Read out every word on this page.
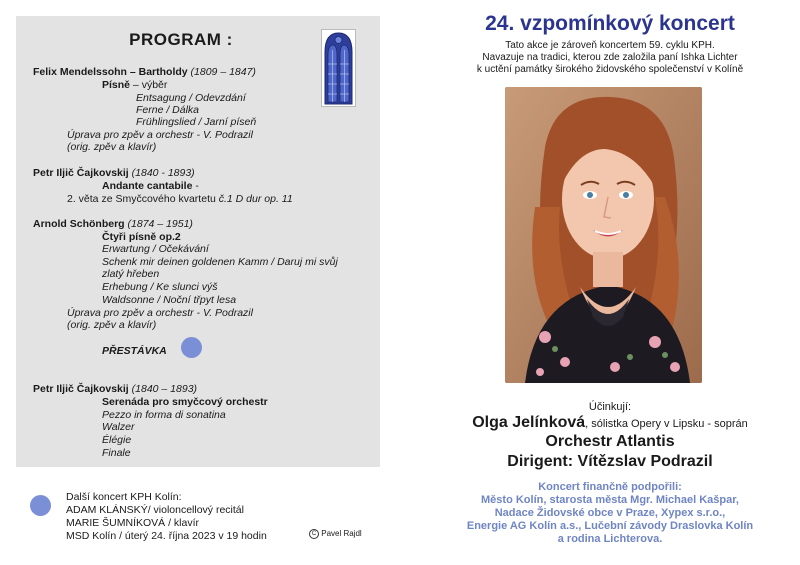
PROGRAM :
Felix Mendelssohn – Bartholdy (1809 – 1847)
Písně – výběr
Entsagung / Odevzdání
Ferne / Dálka
Frühlingslied / Jarní píseň
Úprava pro zpěv a orchestr - V. Podrazil
(orig. zpěv a klavír)
Petr Iljič Čajkovskij (1840 - 1893)
Andante cantabile -
2. věta ze Smyčcového kvartetu č.1 D dur op. 11
Arnold Schönberg (1874 – 1951)
Čtyři písně op.2
Erwartung / Očekávání
Schenk mir deinen goldenen Kamm / Daruj mi svůj
zlatý hřeben
Erhebung / Ke slunci výš
Waldsonne / Noční třpyt lesa
Úprava pro zpěv a orchestr - V. Podrazil
(orig. zpěv a klavír)
PŘESTÁVKA
Petr Iljič Čajkovskij (1840 – 1893)
Serenáda pro smyčcový orchestr
Pezzo in forma di sonatina
Walzer
Élégie
Finale
Další koncert KPH Kolín:
ADAM KLÁNSKÝ/ violoncellový recitál
MARIE ŠUMNÍKOVÁ / klavír
MSD Kolín / úterý 24. října 2023 v 19 hodin	C Pavel Rajdl
24. vzpomínkový koncert
Tato akce je zároveň koncertem 59. cyklu KPH.
Navazuje na tradici, kterou zde založila paní Ishka Lichter
k uctění památky širokého židovského společenství v Kolíně
Účinkují:
Olga Jelínková, sólistka Opery v Lipsku - soprán
Orchestr Atlantis
Dirigent: Vítězslav Podrazil
Koncert finančně podpořili:
Město Kolín, starosta města Mgr. Michael Kašpar,
Nadace Židovské obce v Praze, Xypex s.r.o.,
Energie AG Kolín a.s., Lučební závody Draslovka Kolín
a rodina Lichterova.
